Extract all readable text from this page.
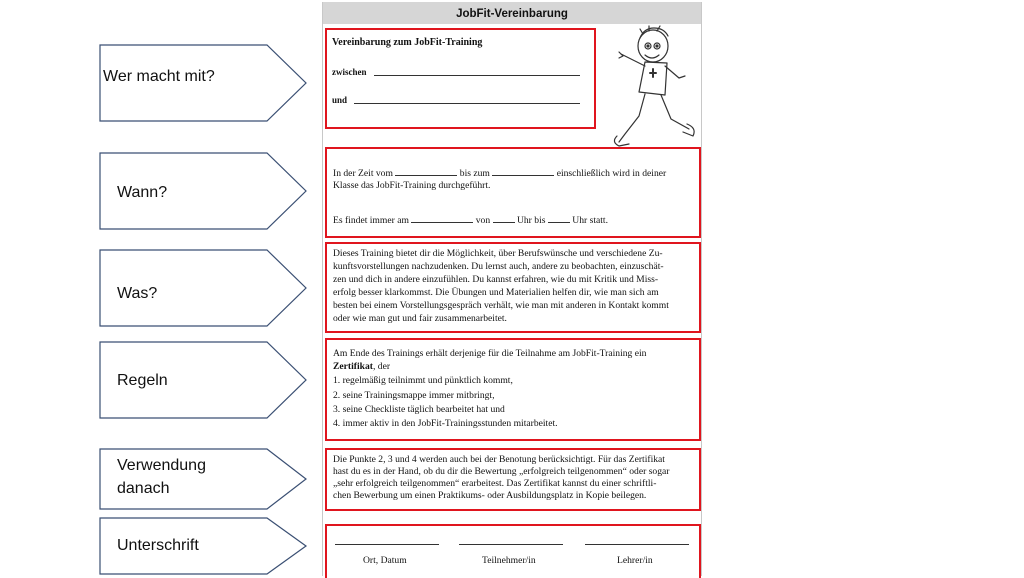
Wer macht mit?
Wann?
Was?
Regeln
Verwendung danach
Unterschrift
JobFit-Vereinbarung
Vereinbarung zum JobFit-Training
zwischen
und
In der Zeit vom	bis zum	einschließlich wird in deiner
Klasse das JobFit-Training durchgeführt.
Es findet immer am	von	Uhr bis	Uhr statt.
Dieses Training bietet dir die Möglichkeit, über Berufswünsche und verschiedene Zu-
kunftsvorstellungen nachzudenken. Du lernst auch, andere zu beobachten, einzuschät-
zen und dich in andere einzufühlen. Du kannst erfahren, wie du mit Kritik und Miss-
erfolg besser klarkommst. Die Übungen und Materialien helfen dir, wie man sich am
besten bei einem Vorstellungsgespräch verhält, wie man mit anderen in Kontakt kommt
oder wie man gut und fair zusammenarbeitet.
Am Ende des Trainings erhält derjenige für die Teilnahme am JobFit-Training ein
Zertifikat, der
1. regelmäßig teilnimmt und pünktlich kommt,
2. seine Trainingsmappe immer mitbringt,
3. seine Checkliste täglich bearbeitet hat und
4. immer aktiv in den JobFit-Trainingsstunden mitarbeitet.
Die Punkte 2, 3 und 4 werden auch bei der Benotung berücksichtigt. Für das Zertifikat
hast du es in der Hand, ob du dir die Bewertung „erfolgreich teilgenommen“ oder sogar
„sehr erfolgreich teilgenommen“ erarbeitest. Das Zertifikat kannst du einer schriftli-
chen Bewerbung um einen Praktikums- oder Ausbildungsplatz in Kopie beilegen.
Ort, Datum	Teilnehmer/in	Lehrer/in
